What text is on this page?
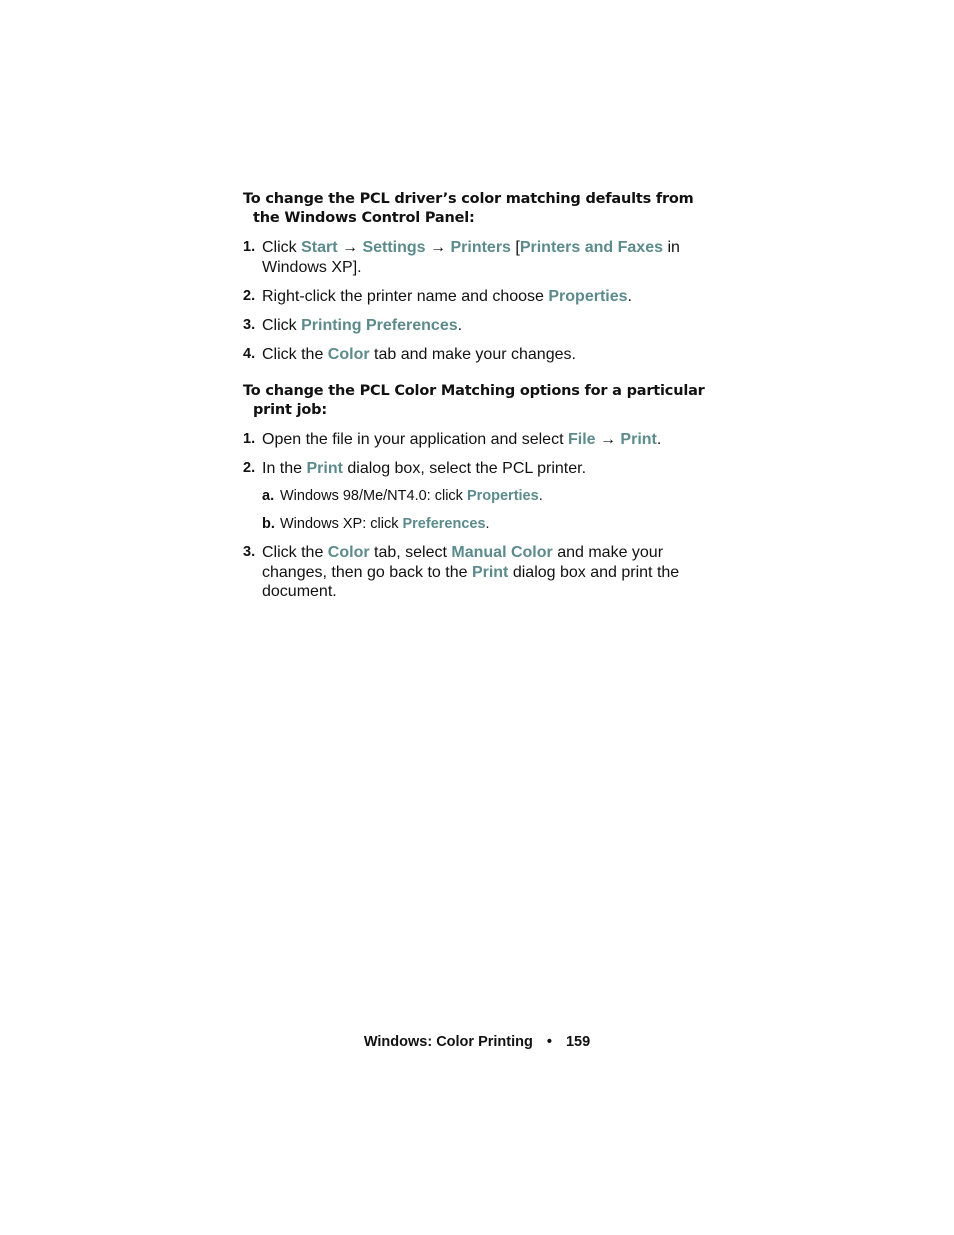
To change the PCL driver’s color matching defaults from the Windows Control Panel:

1. Click Start → Settings → Printers [Printers and Faxes in Windows XP].
2. Right-click the printer name and choose Properties.
3. Click Printing Preferences.
4. Click the Color tab and make your changes.

To change the PCL Color Matching options for a particular print job:

1. Open the file in your application and select File → Print.
2. In the Print dialog box, select the PCL printer.
a. Windows 98/Me/NT4.0: click Properties.
b. Windows XP: click Preferences.
3. Click the Color tab, select Manual Color and make your changes, then go back to the Print dialog box and print the document.
Windows: Color Printing • 159
